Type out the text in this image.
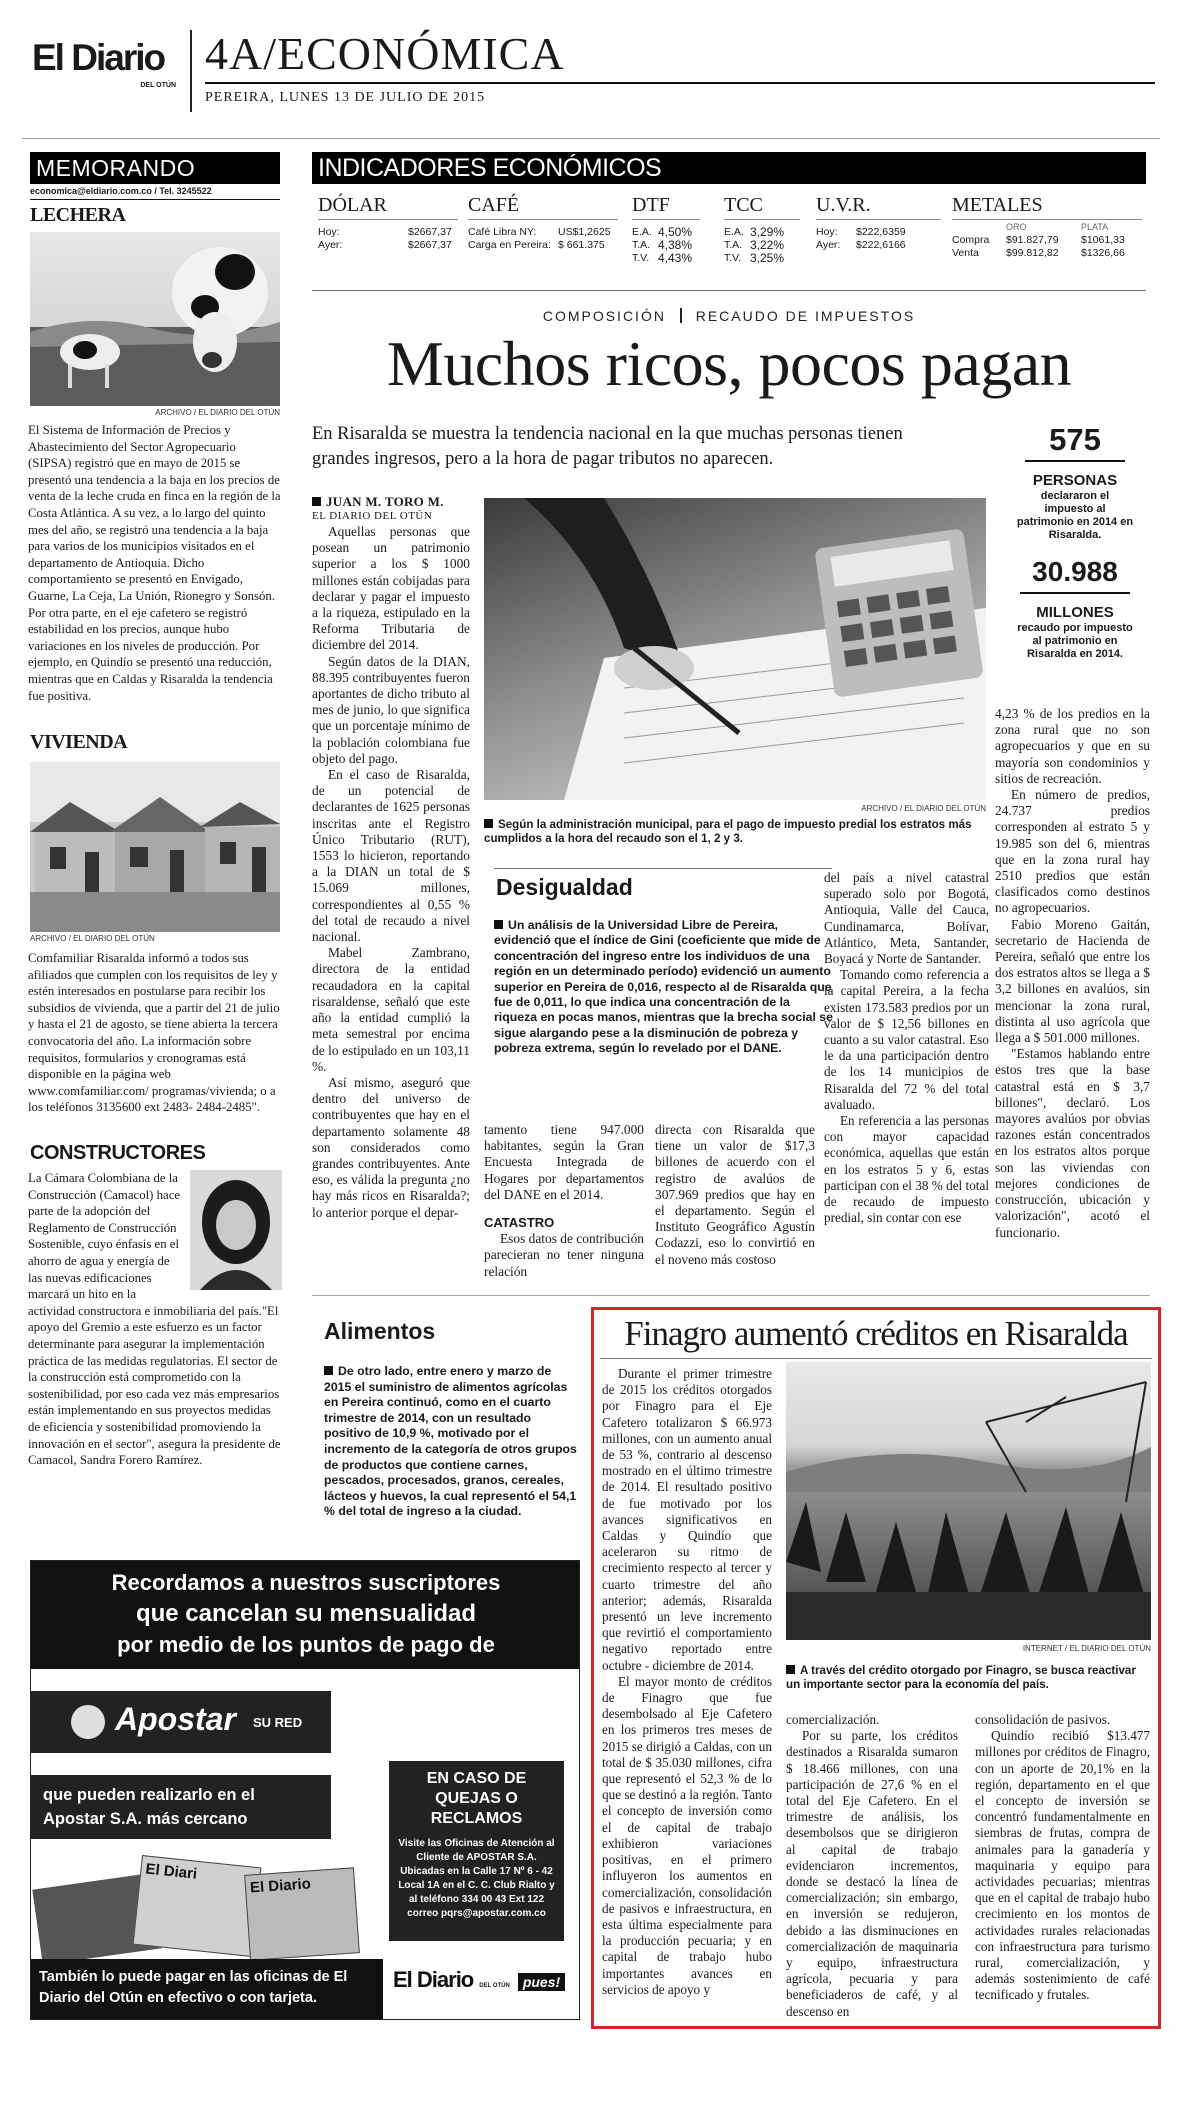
El Diario
DEL OTÚN
4A/ECONÓMICA
PEREIRA, LUNES 13 DE JULIO DE 2015
MEMORANDO
economica@eldiario.com.co / Tel. 3245522
LECHERA
ARCHIVO / EL DIARIO DEL OTÚN

El Sistema de Información de Precios y Abastecimiento del Sector Agropecuario (SIPSA) registró que en mayo de 2015 se presentó una tendencia a la baja en los precios de venta de la leche cruda en finca en la región de la Costa Atlántica. A su vez, a lo largo del quinto mes del año, se registró una tendencia a la baja para varios de los municipios visitados en el departamento de Antioquia. Dicho comportamiento se presentó en Envigado, Guarne, La Ceja, La Unión, Rionegro y Sonsón. Por otra parte, en el eje cafetero se registró estabilidad en los precios, aunque hubo variaciones en los niveles de producción. Por ejemplo, en Quindío se presentó una reducción, mientras que en Caldas y Risaralda la tendencia fue positiva.

VIVIENDA
ARCHIVO / EL DIARIO DEL OTÚN

Comfamiliar Risaralda informó a todos sus afiliados que cumplen con los requisitos de ley y estén interesados en postularse para recibir los subsidios de vivienda, que a partir del 21 de julio y hasta el 21 de agosto, se tiene abierta la tercera convocatoria del año. La información sobre requisitos, formularios y cronogramas está disponible en la página web www.comfamiliar.com/ programas/vivienda; o a los teléfonos 3135600 ext 2483- 2484-2485".

CONSTRUCTORES

La Cámara Colombiana de la Construcción (Camacol) hace parte de la adopción del Reglamento de Construcción Sostenible, cuyo énfasis en el ahorro de agua y energía de las nuevas edificaciones marcará un hito en la actividad constructora e inmobiliaria del país."El apoyo del Gremio a este esfuerzo es un factor determinante para asegurar la implementación práctica de las medidas regulatorias. El sector de la construcción está comprometido con la sostenibilidad, por eso cada vez más empresarios están implementando en sus proyectos medidas de eficiencia y sostenibilidad promoviendo la innovación en el sector", asegura la presidente de Camacol, Sandra Forero Ramírez.

INDICADORES ECONÓMICOS
DÓLAR
Hoy:	$2667,37
Ayer:	$2667,37
CAFÉ
Café Libra NY:	US$1,2625
Carga en Pereira:	$ 661.375
DTF
E.A.	4,50%
T.A.	4,38%
T.V.	4,43%
TCC
E.A.	3,29%
T.A.	3,22%
T.V.	3,25%
U.V.R.
Hoy:	$222,6359
Ayer:	$222,6166
METALES
	ORO	PLATA
Compra	$91.827,79	$1061,33
Venta	$99.812,82	$1326,66
COMPOSICIÓN RECAUDO DE IMPUESTOS
Muchos ricos, pocos pagan
En Risaralda se muestra la tendencia nacional en la que muchas personas tienen grandes ingresos, pero a la hora de pagar tributos no aparecen.
575
PERSONAS
declararon el impuesto al patrimonio en 2014 en Risaralda.
30.988
MILLONES
recaudo por impuesto al patrimonio en Risaralda en 2014.
JUAN M. TORO M.
EL DIARIO DEL OTÚN

Aquellas personas que posean un patrimonio superior a los $ 1000 millones están cobijadas para declarar y pagar el impuesto a la riqueza, estipulado en la Reforma Tributaria de diciembre del 2014.

Según datos de la DIAN, 88.395 contribuyentes fueron aportantes de dicho tributo al mes de junio, lo que significa que un porcentaje mínimo de la población colombiana fue objeto del pago.

En el caso de Risaralda, de un potencial de declarantes de 1625 personas inscritas ante el Registro Único Tributario (RUT), 1553 lo hicieron, reportando a la DIAN un total de $ 15.069 millones, correspondientes al 0,55 % del total de recaudo a nivel nacional.

Mabel Zambrano, directora de la entidad recaudadora en la capital risaraldense, señaló que este año la entidad cumplió la meta semestral por encima de lo estipulado en un 103,11 %.

Así mismo, aseguró que dentro del universo de contribuyentes que hay en el departamento solamente 48 son considerados como grandes contribuyentes. Ante eso, es válida la pregunta ¿no hay más ricos en Risaralda?; lo anterior porque el depar-

ARCHIVO / EL DIARIO DEL OTÚN
Según la administración municipal, para el pago de impuesto predial los estratos más cumplidos a la hora del recaudo son el 1, 2 y 3.

4,23 % de los predios en la zona rural que no son agropecuarios y que en su mayoría son condominios y sitios de recreación.

En número de predios, 24.737 predios corresponden al estrato 5 y 19.985 son del 6, mientras que en la zona rural hay 2510 predios que están clasificados como destinos no agropecuarios.

Fabio Moreno Gaitán, secretario de Hacienda de Pereira, señaló que entre los dos estratos altos se llega a $ 3,2 billones en avalúos, sin mencionar la zona rural, distinta al uso agrícola que llega a $ 501.000 millones.

"Estamos hablando entre estos tres que la base catastral está en $ 3,7 billones", declaró. Los mayores avalúos por obvias razones están concentrados en los estratos altos porque son las viviendas con mejores condiciones de construcción, ubicación y valorización", acotó el funcionario.

Desigualdad
Un análisis de la Universidad Libre de Pereira, evidenció que el índice de Gini (coeficiente que mide de concentración del ingreso entre los individuos de una región en un determinado período) evidenció un aumento superior en Pereira de 0,016, respecto al de Risaralda que fue de 0,011, lo que indica una concentración de la riqueza en pocas manos, mientras que la brecha social se sigue alargando pese a la disminución de pobreza y pobreza extrema, según lo revelado por el DANE.

del país a nivel catastral superado solo por Bogotá, Antioquia, Valle del Cauca, Cundinamarca, Bolívar, Atlántico, Meta, Santander, Boyacá y Norte de Santander.

Tomando como referencia a la capital Pereira, a la fecha existen 173.583 predios por un valor de $ 12,56 billones en cuanto a su valor catastral. Eso le da una participación dentro de los 14 municipios de Risaralda del 72 % del total avaluado.

En referencia a las personas con mayor capacidad económica, aquellas que están en los estratos 5 y 6, estas participan con el 38 % del total de recaudo de impuesto predial, sin contar con ese

tamento tiene 947.000 habitantes, según la Gran Encuesta Integrada de Hogares por departamentos del DANE en el 2014.

CATASTRO

Esos datos de contribución parecieran no tener ninguna relación

directa con Risaralda que tiene un valor de $17,3 billones de acuerdo con el registro de avalúos de 307.969 predios que hay en el departamento. Según el Instituto Geográfico Agustín Codazzi, eso lo convirtió en el noveno más costoso

Alimentos
De otro lado, entre enero y marzo de 2015 el suministro de alimentos agrícolas en Pereira continuó, como en el cuarto trimestre de 2014, con un resultado positivo de 10,9 %, motivado por el incremento de la categoría de otros grupos de productos que contiene carnes, pescados, procesados, granos, cereales, lácteos y huevos, la cual representó el 54,1 % del total de ingreso a la ciudad.
Finagro aumentó créditos en Risaralda

Durante el primer trimestre de 2015 los créditos otorgados por Finagro para el Eje Cafetero totalizaron $ 66.973 millones, con un aumento anual de 53 %, contrario al descenso mostrado en el último trimestre de 2014. El resultado positivo de fue motivado por los avances significativos en Caldas y Quindío que aceleraron su ritmo de crecimiento respecto al tercer y cuarto trimestre del año anterior; además, Risaralda presentó un leve incremento que revirtió el comportamiento negativo reportado entre octubre - diciembre de 2014.

El mayor monto de créditos de Finagro que fue desembolsado al Eje Cafetero en los primeros tres meses de 2015 se dirigió a Caldas, con un total de $ 35.030 millones, cifra que representó el 52,3 % de lo que se destinó a la región. Tanto el concepto de inversión como el de capital de trabajo exhibieron variaciones positivas, en el primero influyeron los aumentos en comercialización, consolidación de pasivos e infraestructura, en esta última especialmente para la producción pecuaria; y en capital de trabajo hubo importantes avances en servicios de apoyo y

INTERNET / EL DIARIO DEL OTÚN
A través del crédito otorgado por Finagro, se busca reactivar un importante sector para la economía del país.

comercialización.

Por su parte, los créditos destinados a Risaralda sumaron $ 18.466 millones, con una participación de 27,6 % en el total del Eje Cafetero. En el trimestre de análisis, los desembolsos que se dirigieron al capital de trabajo evidenciaron incrementos, donde se destacó la línea de comercialización; sin embargo, en inversión se redujeron, debido a las disminuciones en comercialización de maquinaria y equipo, infraestructura agrícola, pecuaria y para beneficiaderos de café, y al descenso en

consolidación de pasivos.

Quindío recibió $13.477 millones por créditos de Finagro, con un aporte de 20,1% en la región, departamento en el que el concepto de inversión se concentró fundamentalmente en siembras de frutas, compra de animales para la ganadería y maquinaria y equipo para actividades pecuarias; mientras que en el capital de trabajo hubo crecimiento en los montos de actividades rurales relacionadas con infraestructura para turismo rural, comercialización, y además sostenimiento de café tecnificado y frutales.

Recordamos a nuestros suscriptores
que cancelan su mensualidad
por medio de los puntos de pago de
Apostar SU RED
que pueden realizarlo en el
Apostar S.A. más cercano
EN CASO DE QUEJAS O RECLAMOS
Visite las Oficinas de Atención al Cliente de APOSTAR S.A. Ubicadas en la Calle 17 Nº 6 - 42 Local 1A en el C. C. Club Rialto y al teléfono 334 00 43 Ext 122 correo pqrs@apostar.com.co
El Diari
El Diario
También lo puede pagar en las oficinas de El Diario del Otún en efectivo o con tarjeta.
El Diario DEL OTÚN pues!
